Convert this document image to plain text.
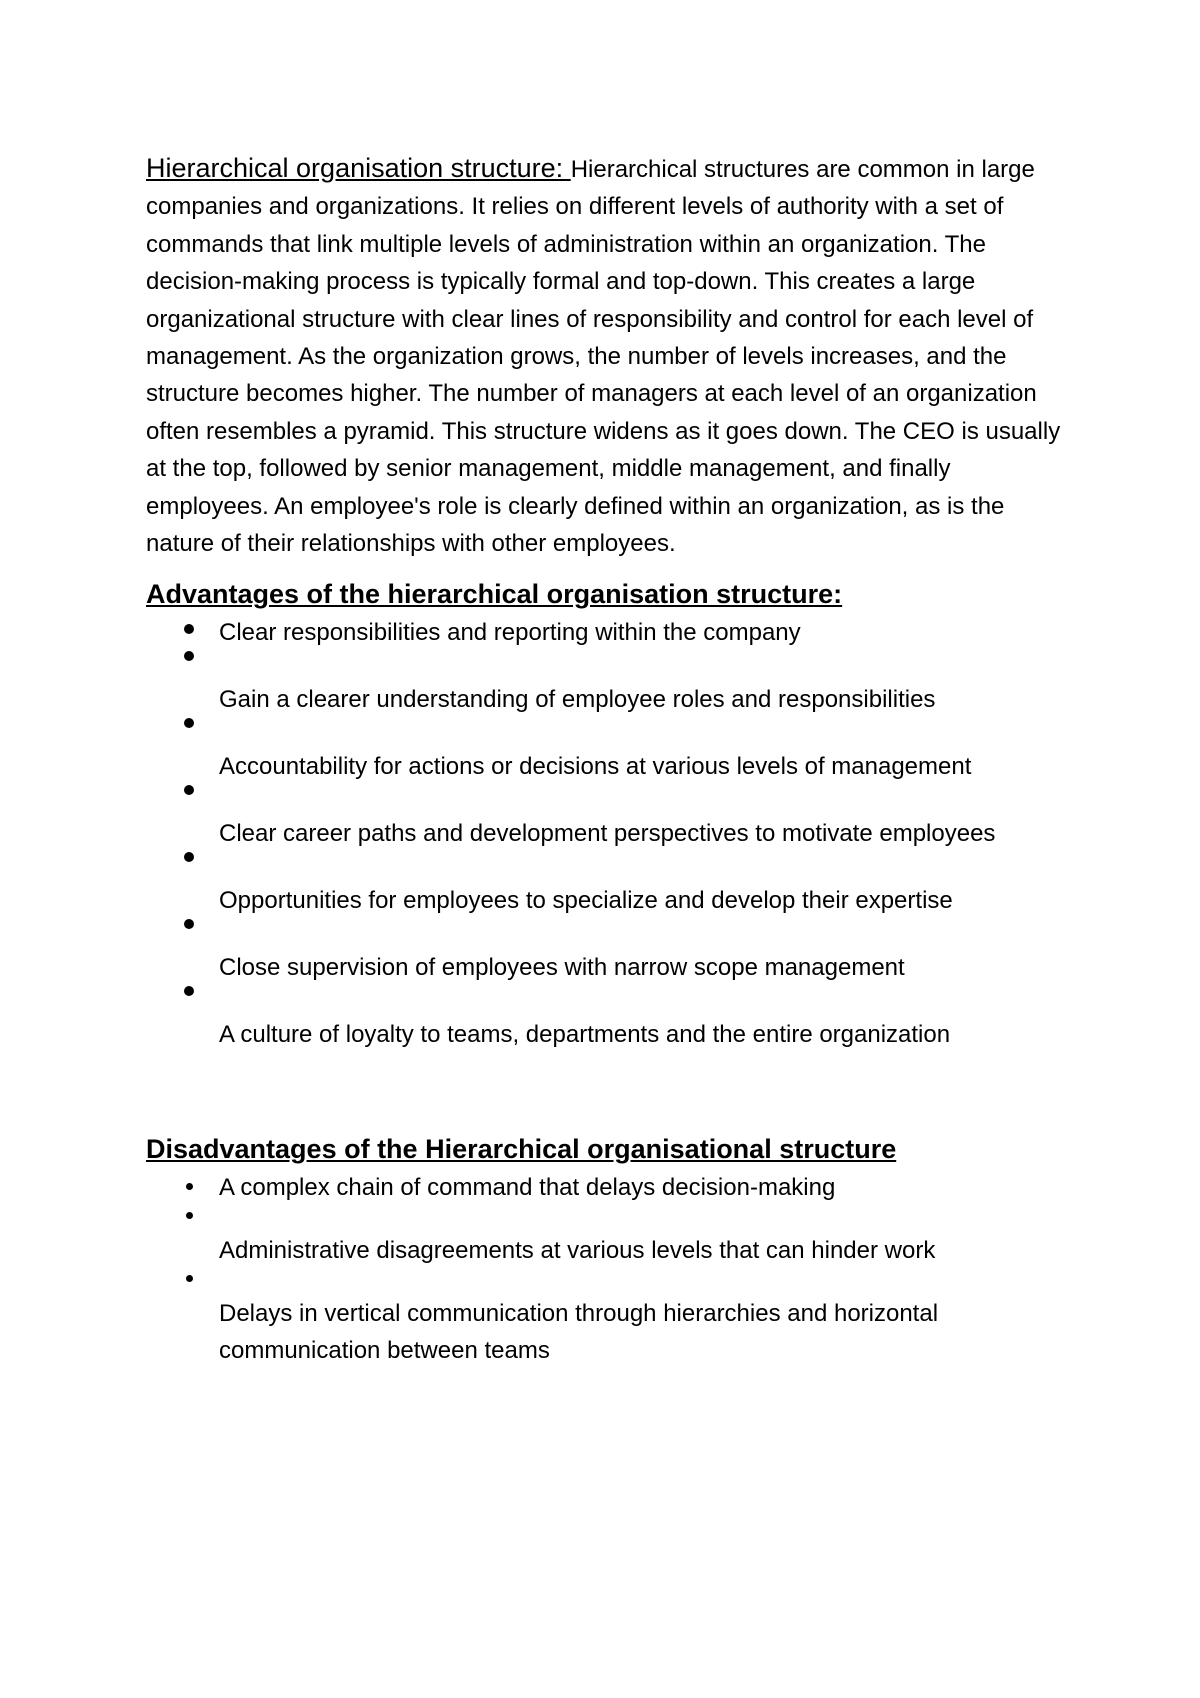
Hierarchical organisation structure: Hierarchical structures are common in large companies and organizations. It relies on different levels of authority with a set of commands that link multiple levels of administration within an organization. The decision-making process is typically formal and top-down. This creates a large organizational structure with clear lines of responsibility and control for each level of management. As the organization grows, the number of levels increases, and the structure becomes higher. The number of managers at each level of an organization often resembles a pyramid. This structure widens as it goes down. The CEO is usually at the top, followed by senior management, middle management, and finally employees. An employee's role is clearly defined within an organization, as is the nature of their relationships with other employees.

Advantages of the hierarchical organisation structure:
Clear responsibilities and reporting within the company
Gain a clearer understanding of employee roles and responsibilities
Accountability for actions or decisions at various levels of management
Clear career paths and development perspectives to motivate employees
Opportunities for employees to specialize and develop their expertise
Close supervision of employees with narrow scope management
A culture of loyalty to teams, departments and the entire organization
Disadvantages of the Hierarchical organisational structure
A complex chain of command that delays decision-making
Administrative disagreements at various levels that can hinder work
Delays in vertical communication through hierarchies and horizontal communication between teams
